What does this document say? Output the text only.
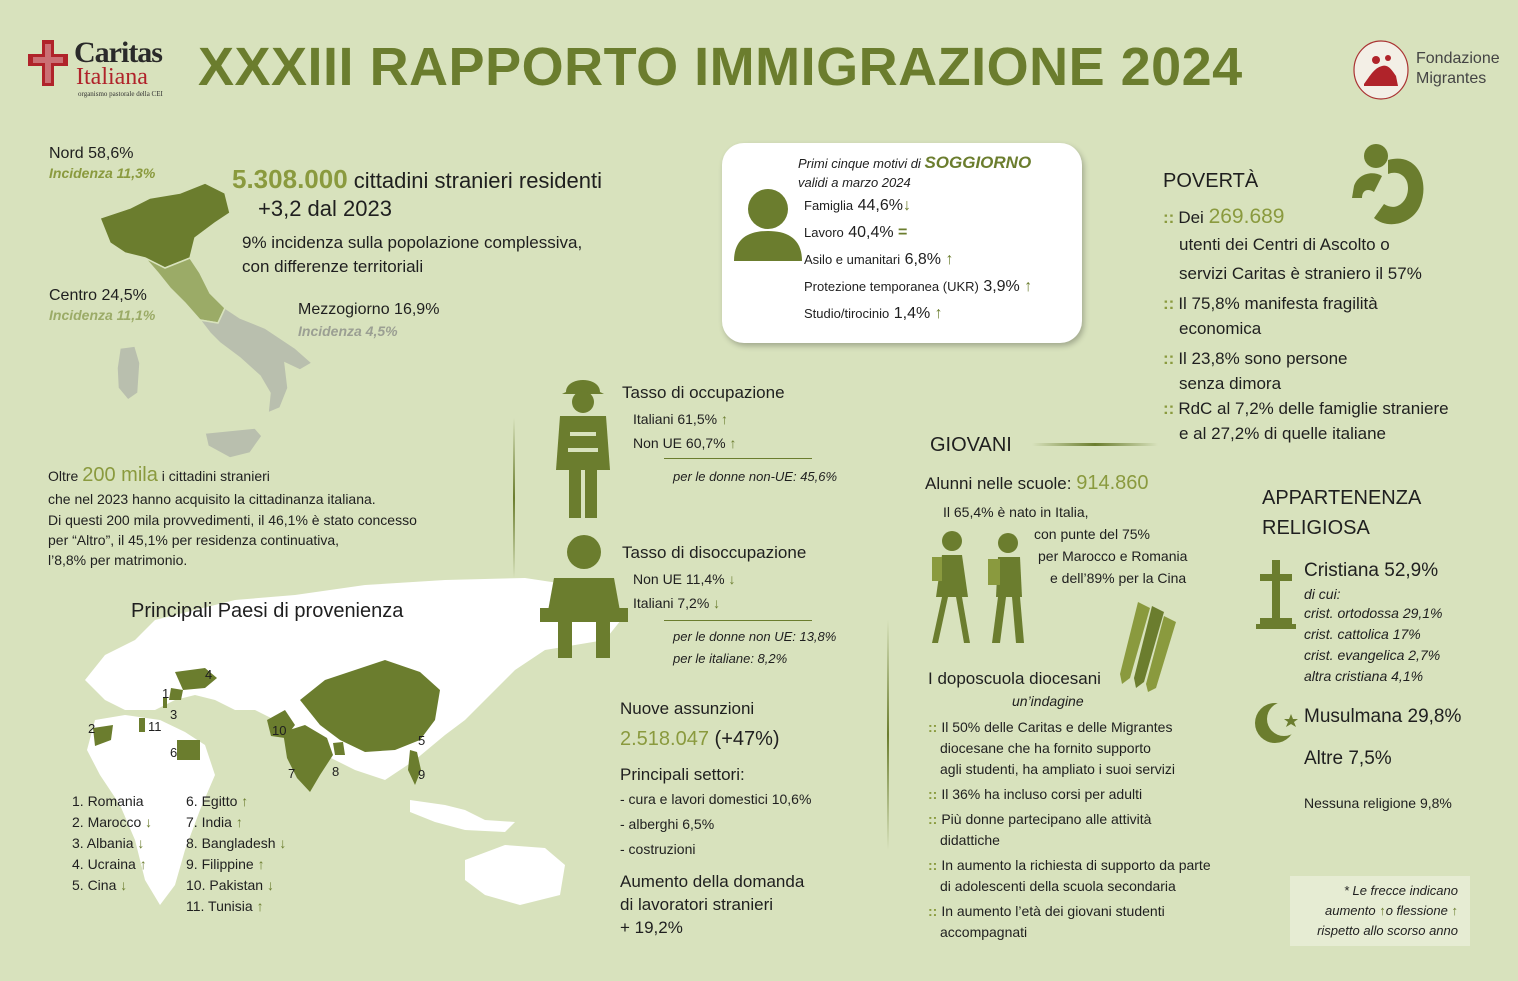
Caritas
Italiana
organismo pastorale della CEI XXXIII RAPPORTO IMMIGRAZIONE 2024	Fondazione
Migrantes
Nord 58,6%
Incidenza 11,3%
Centro 24,5%
Incidenza 11,1%	Mezzogiorno 16,9%
Incidenza 4,5%
5.308.000 cittadini stranieri residenti
+3,2 dal 2023
9% incidenza sulla popolazione complessiva,
con differenze territoriali
Oltre 200 mila i cittadini stranieri
che nel 2023 hanno acquisito la cittadinanza italiana.
Di questi 200 mila provvedimenti, il 46,1% è stato concesso
per “Altro”, il 45,1% per residenza continuativa,
l’8,8% per matrimonio.
1
2
3
4
5
6
7	8	9
10
11
Principali Paesi di provenienza
1. Romania
2. Marocco ↓
3. Albania ↓
4. Ucraina ↑
5. Cina ↓
6. Egitto ↑
7. India ↑
8. Bangladesh ↓
9. Filippine ↑
10. Pakistan ↓
11. Tunisia ↑
Primi cinque motivi di SOGGIORNO
validi a marzo 2024
Famiglia 44,6%↓
Lavoro 40,4% =
Asilo e umanitari 6,8% ↑
Protezione temporanea (UKR) 3,9% ↑
Studio/tirocinio 1,4% ↑
Tasso di occupazione
Italiani 61,5% ↑
Non UE 60,7% ↑
per le donne non-UE: 45,6%
Tasso di disoccupazione
Non UE 11,4% ↓
Italiani 7,2% ↓
per le donne non UE: 13,8%
per le italiane: 8,2%
Nuove assunzioni
2.518.047 (+47%)
Principali settori:
- cura e lavori domestici 10,6%
- alberghi 6,5%
- costruzioni
Aumento della domanda
di lavoratori stranieri
+ 19,2%
POVERTÀ
:: Dei 269.689
utenti dei Centri di Ascolto o
servizi Caritas è straniero il 57%
:: Il 75,8% manifesta fragilità
economica
:: Il 23,8% sono persone
senza dimora
:: RdC al 7,2% delle famiglie straniere
e al 27,2% di quelle italiane
GIOVANI
Alunni nelle scuole: 914.860
Il 65,4% è nato in Italia,
con punte del 75%
per Marocco e Romania
e dell’89% per la Cina
I doposcuola diocesani
un’indagine
:: Il 50% delle Caritas e delle Migrantes
diocesane che ha fornito supporto
agli studenti, ha ampliato i suoi servizi
:: Il 36% ha incluso corsi per adulti
:: Più donne partecipano alle attività
didattiche
:: In aumento la richiesta di supporto da parte
di adolescenti della scuola secondaria
:: In aumento l’età dei giovani studenti
accompagnati
APPARTENENZA
RELIGIOSA
Cristiana 52,9%
di cui:
crist. ortodossa 29,1%
crist. cattolica 17%
crist. evangelica 2,7%
altra cristiana 4,1%
Musulmana 29,8%
Altre 7,5%
Nessuna religione 9,8%
* Le frecce indicano
aumento ↑o flessione ↑
rispetto allo scorso anno
